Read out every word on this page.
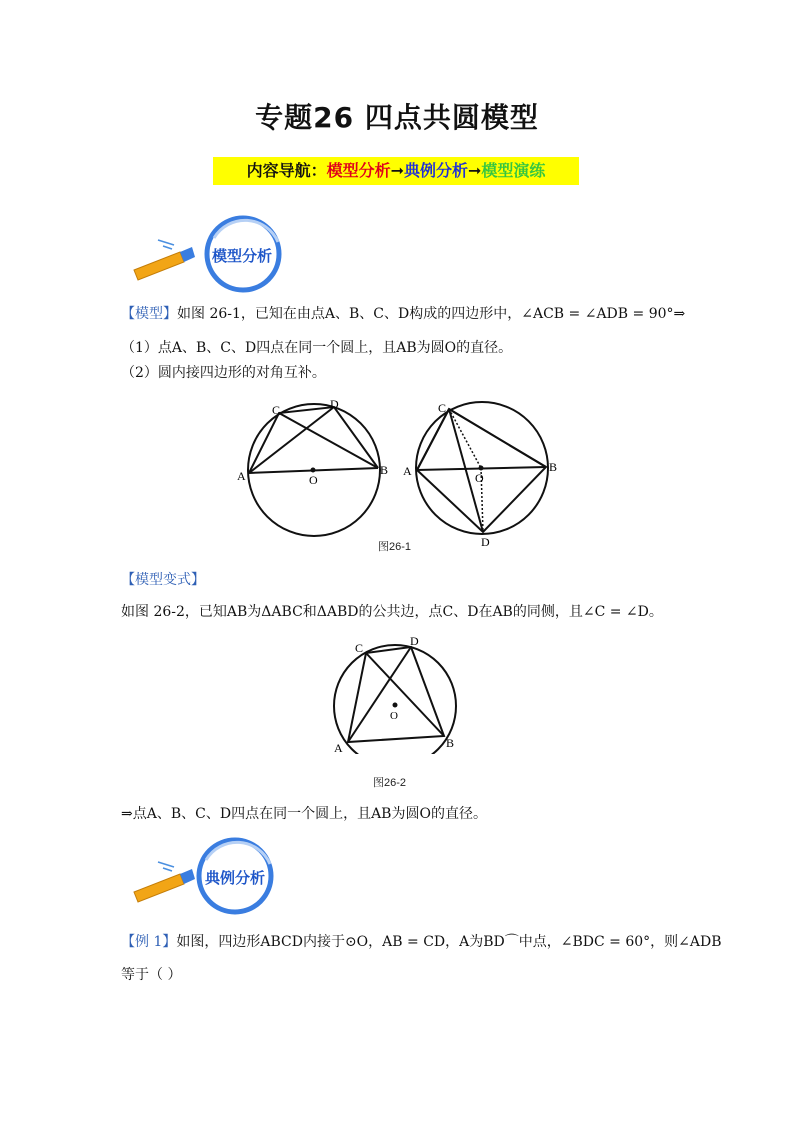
专题26 四点共圆模型
内容导航：模型分析➞典例分析➞模型演练
模型分析
【模型】如图 26-1，已知在由点A、B、C、D构成的四边形中，∠ACB = ∠ADB = 90°⇒
（1）点A、B、C、D四点在同一个圆上，且AB为圆O的直径。
（2）圆内接四边形的对角互补。
A	B
C	D
O
A	B
C
D
O
图26-1
【模型变式】
如图 26-2，已知AB为ΔABC和ΔABD的公共边，点C、D在AB的同侧，且∠C = ∠D。
A	B
C	D
O
图26-2
⇒点A、B、C、D四点在同一个圆上，且AB为圆O的直径。
典例分析
【例 1】如图，四边形ABCD内接于⊙O，AB = CD，A为BD⌒中点，∠BDC = 60°，则∠ADB
等于（ ）
